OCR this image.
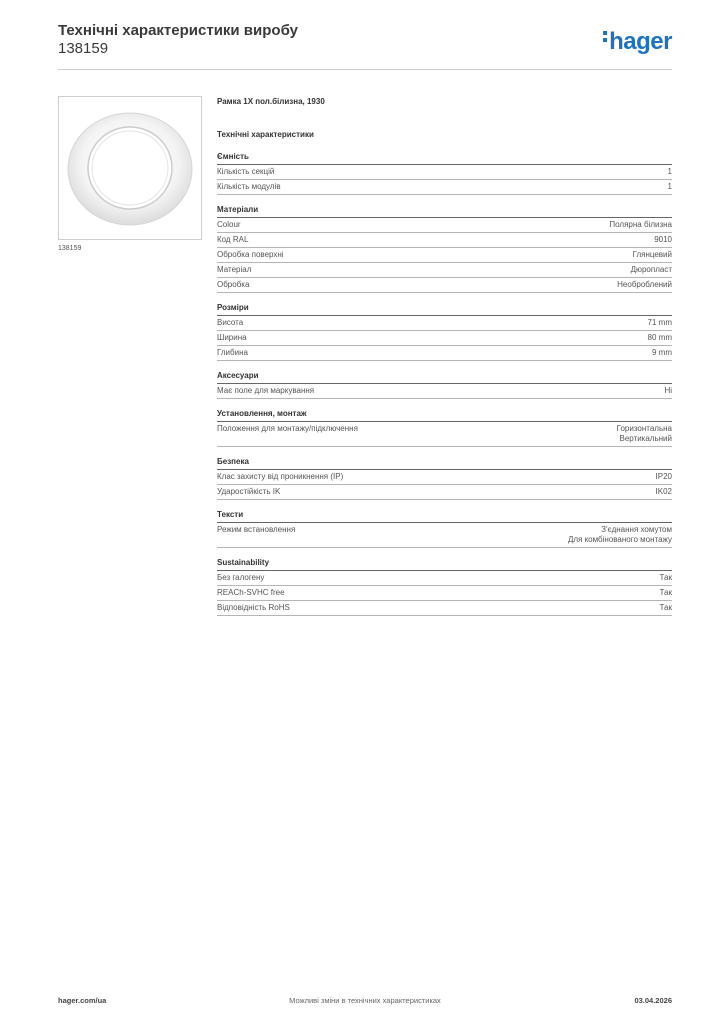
Технічні характеристики виробу
138159	hager
138159
Рамка 1Х пол.білизна, 1930
Технічні характеристики
Ємність
Кількість секцій	1
Кількість модулів	1
Матеріали
Colour	Полярна білизна
Код RAL	9010
Обробка поверхні	Глянцевий
Матеріал	Дюропласт
Обробка	Необроблений
Розміри
Висота	71 mm
Ширина	80 mm
Глибина	9 mm
Аксесуари
Має поле для маркування	Ні
Установлення, монтаж
Положення для монтажу/підключення	Горизонтальна
Вертикальний
Безпека
Клас захисту від проникнення (IP)	IP20
Ударостійкість IK	IK02
Тексти
Режим встановлення	З'єднання хомутом
Для комбінованого монтажу
Sustainability
Без галогену	Так
REACh-SVHC free	Так
Відповідність RoHS	Так
hager.com/ua	Можливі зміни в технічних характеристиках	03.04.2026
